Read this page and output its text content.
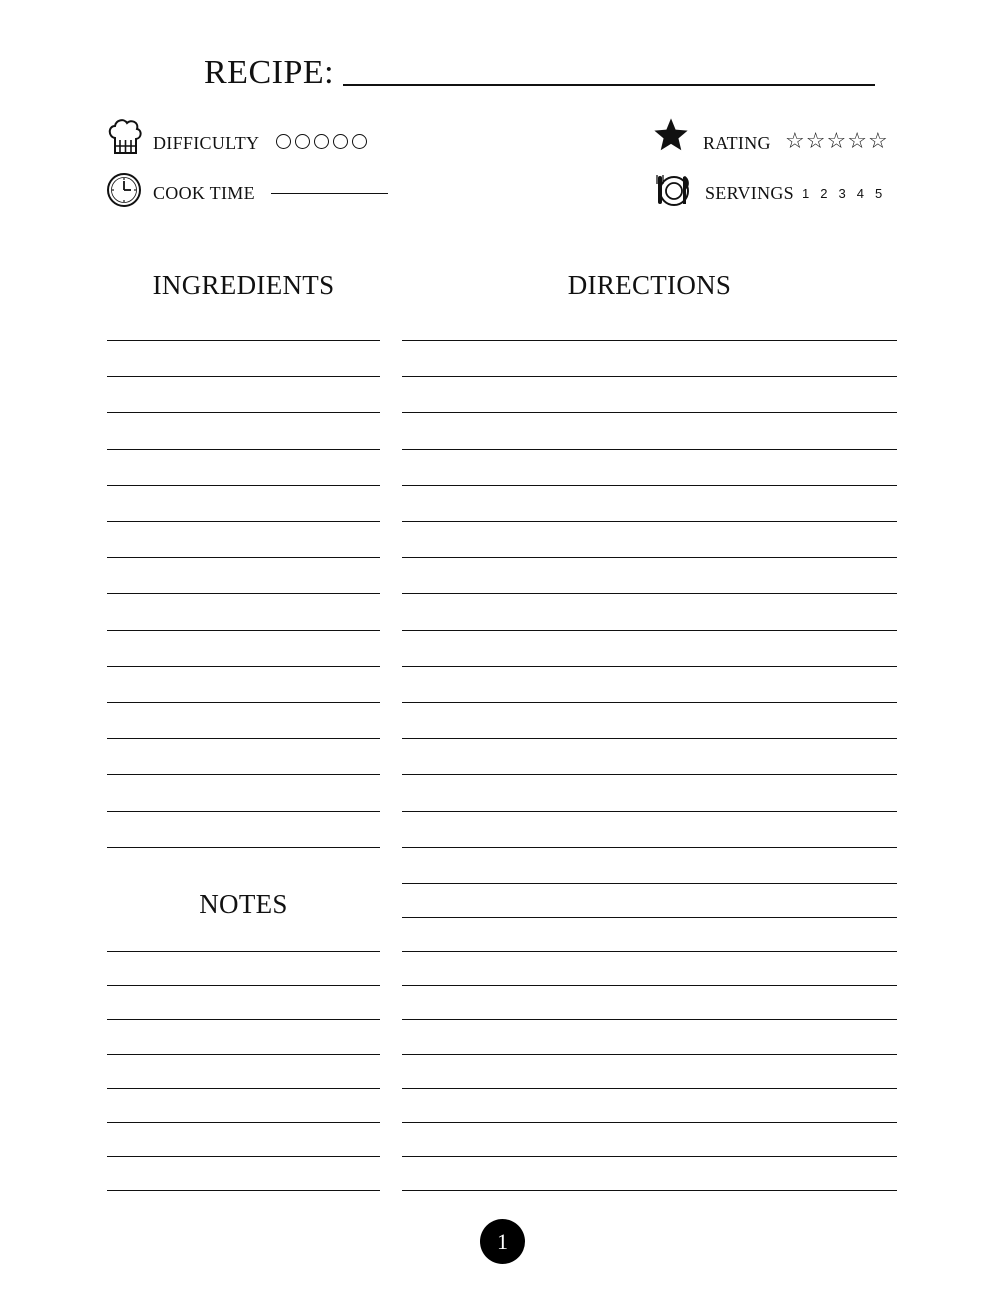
RECIPE:
DIFFICULTY
COOK TIME
RATING ☆ ☆ ☆ ☆ ☆
SERVINGS 1 2 3 4 5
INGREDIENTS	DIRECTIONS
NOTES
1
